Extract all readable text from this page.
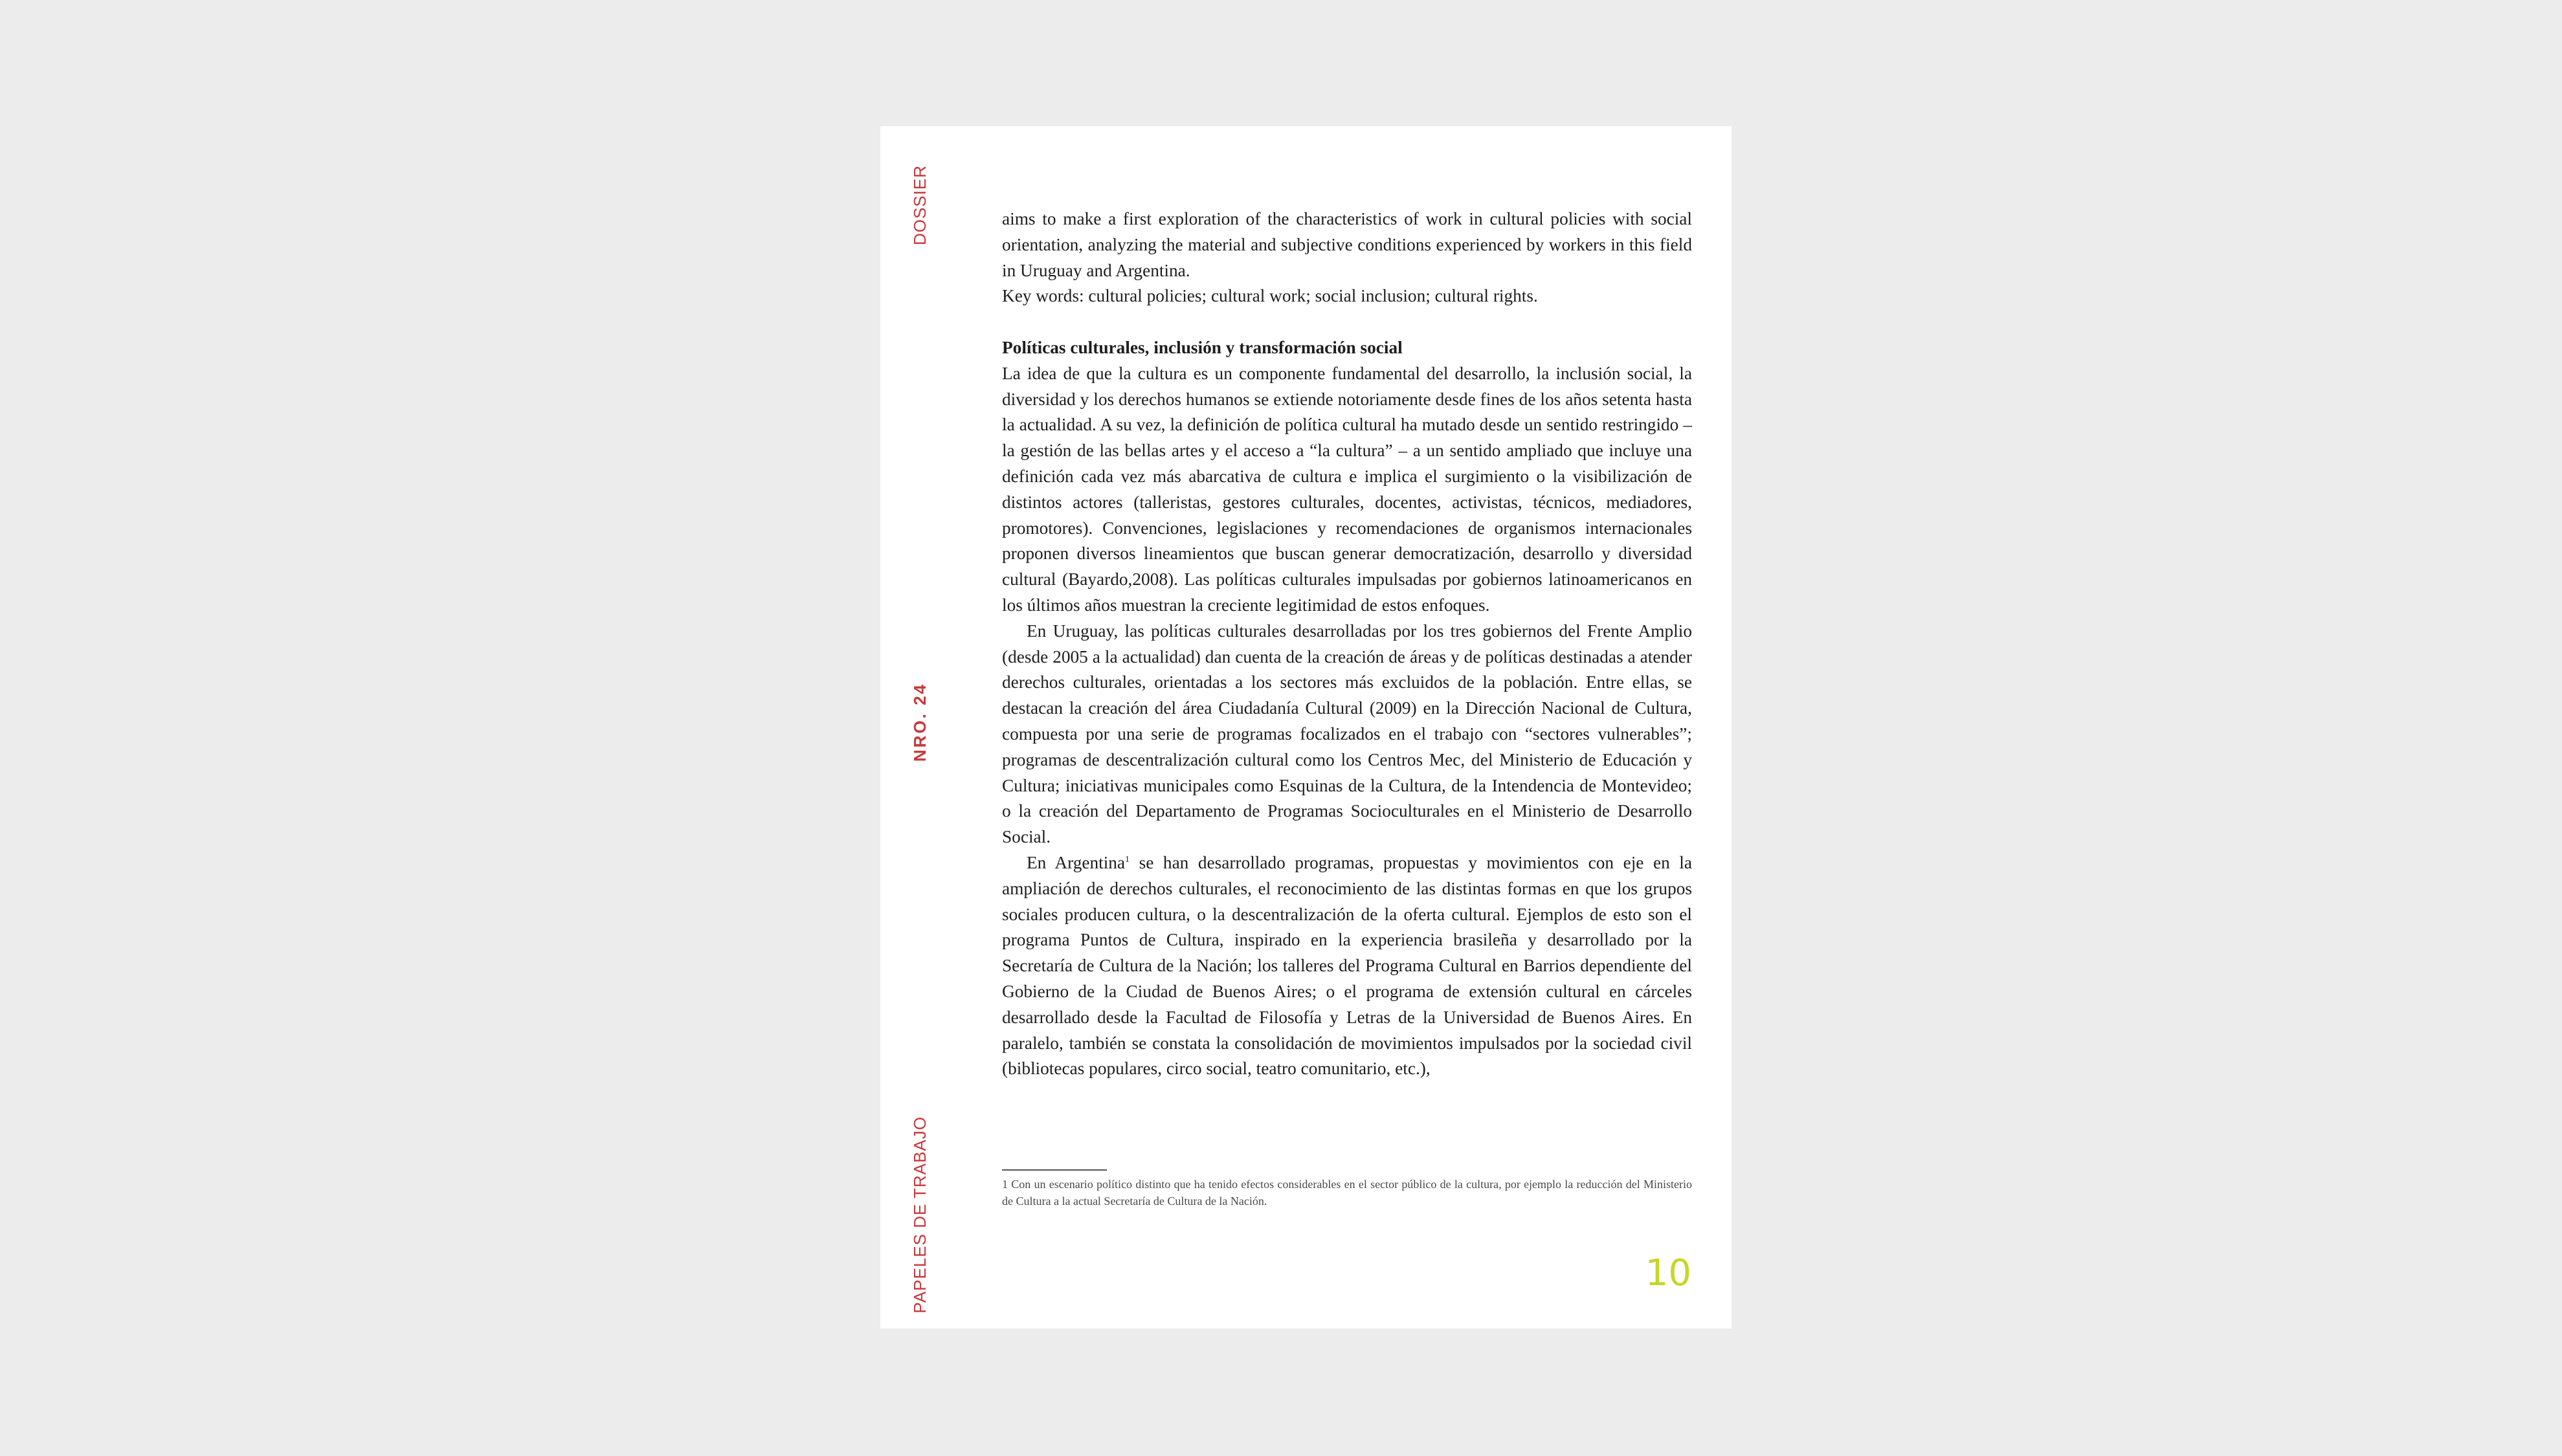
DOSSIER
NRO. 24
PAPELES DE TRABAJO

aims to make a first exploration of the characteristics of work in cultural policies with social orientation, analyzing the material and subjective conditions experienced by workers in this field in Uruguay and Argentina.

Key words: cultural policies; cultural work; social inclusion; cultural rights.

Políticas culturales, inclusión y transformación social

La idea de que la cultura es un componente fundamental del desarrollo, la inclusión social, la diversidad y los derechos humanos se extiende notoriamente desde fines de los años setenta hasta la actualidad. A su vez, la definición de política cultural ha mutado desde un sentido restringido –la gestión de las bellas artes y el acceso a “la cultura” – a un sentido ampliado que incluye una definición cada vez más abarcativa de cultura e implica el surgimiento o la visibilización de distintos actores (talleristas, gestores culturales, docentes, activistas, técnicos, mediadores, promotores). Convenciones, legislaciones y recomendaciones de organismos internacionales proponen diversos lineamientos que buscan generar democratización, desarrollo y diversidad cultural (Bayardo,2008). Las políticas culturales impulsadas por gobiernos latinoamericanos en los últimos años muestran la creciente legitimidad de estos enfoques.

En Uruguay, las políticas culturales desarrolladas por los tres gobiernos del Frente Amplio (desde 2005 a la actualidad) dan cuenta de la creación de áreas y de políticas destinadas a atender derechos culturales, orientadas a los sectores más excluidos de la población. Entre ellas, se destacan la creación del área Ciudadanía Cultural (2009) en la Dirección Nacional de Cultura, compuesta por una serie de programas focalizados en el trabajo con “sectores vulnerables”; programas de descentralización cultural como los Centros Mec, del Ministerio de Educación y Cultura; iniciativas municipales como Esquinas de la Cultura, de la Intendencia de Montevideo; o la creación del Departamento de Programas Socioculturales en el Ministerio de Desarrollo Social.

En Argentina$^1$ se han desarrollado programas, propuestas y movimientos con eje en la ampliación de derechos culturales, el reconocimiento de las distintas formas en que los grupos sociales producen cultura, o la descentralización de la oferta cultural. Ejemplos de esto son el programa Puntos de Cultura, inspirado en la experiencia brasileña y desarrollado por la Secretaría de Cultura de la Nación; los talleres del Programa Cultural en Barrios dependiente del Gobierno de la Ciudad de Buenos Aires; o el programa de extensión cultural en cárceles desarrollado desde la Facultad de Filosofía y Letras de la Universidad de Buenos Aires. En paralelo, también se constata la consolidación de movimientos impulsados por la sociedad civil (bibliotecas populares, circo social, teatro comunitario, etc.),

1 Con un escenario político distinto que ha tenido efectos considerables en el sector público de la cultura, por ejemplo la reducción del Ministerio de Cultura a la actual Secretaría de Cultura de la Nación.
10
